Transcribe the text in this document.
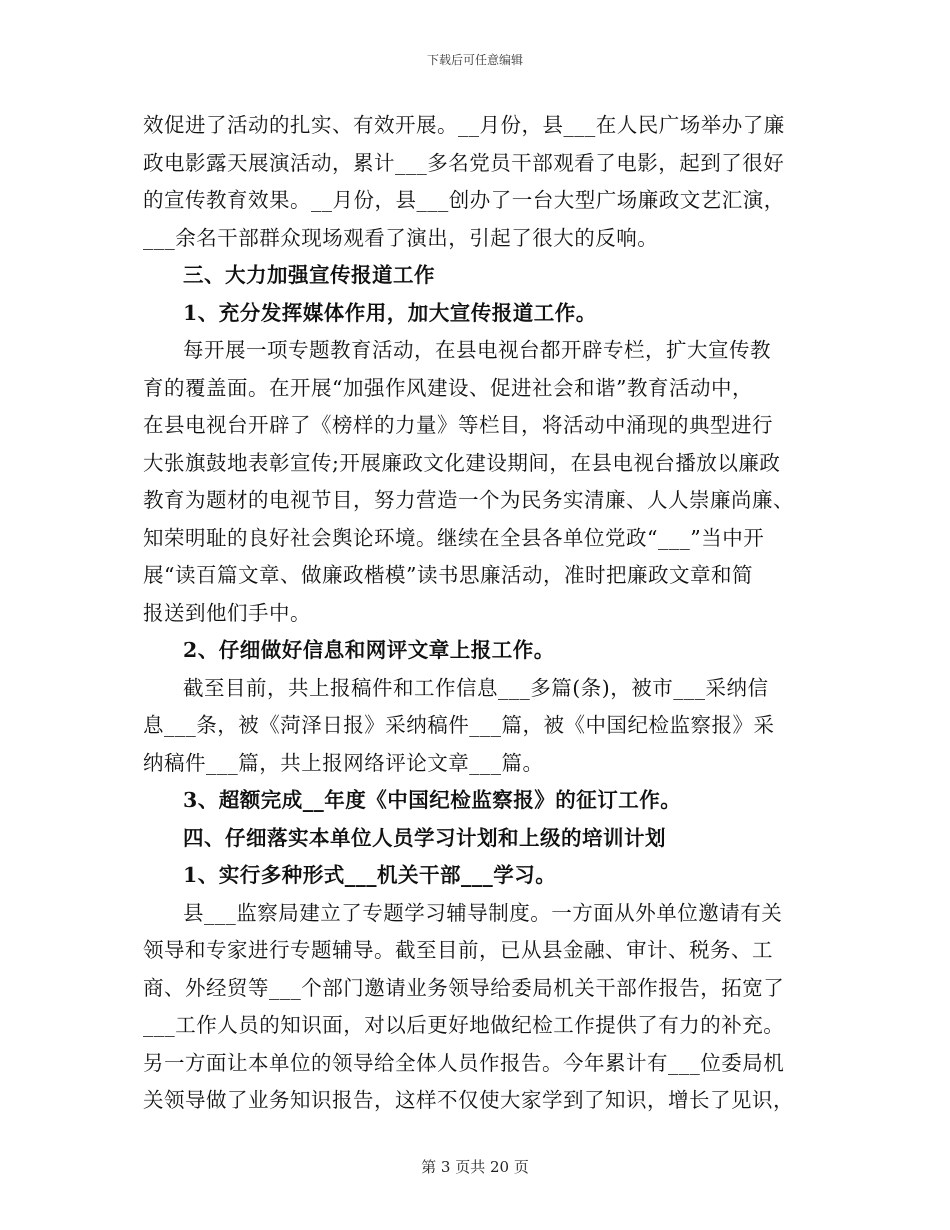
下载后可任意编辑
效促进了活动的扎实、有效开展。__月份，县___在人民广场举办了廉
政电影露天展演活动，累计___多名党员干部观看了电影，起到了很好
的宣传教育效果。__月份，县___创办了一台大型广场廉政文艺汇演，
___余名干部群众现场观看了演出，引起了很大的反响。
三、大力加强宣传报道工作
1、充分发挥媒体作用，加大宣传报道工作。
每开展一项专题教育活动，在县电视台都开辟专栏，扩大宣传教
育的覆盖面。在开展“加强作风建设、促进社会和谐”教育活动中，
在县电视台开辟了《榜样的力量》等栏目，将活动中涌现的典型进行
大张旗鼓地表彰宣传;开展廉政文化建设期间，在县电视台播放以廉政
教育为题材的电视节目，努力营造一个为民务实清廉、人人崇廉尚廉、
知荣明耻的良好社会舆论环境。继续在全县各单位党政“___”当中开
展“读百篇文章、做廉政楷模”读书思廉活动，准时把廉政文章和简
报送到他们手中。
2、仔细做好信息和网评文章上报工作。
截至目前，共上报稿件和工作信息___多篇(条)，被市___采纳信
息___条，被《菏泽日报》采纳稿件___篇，被《中国纪检监察报》采
纳稿件___篇，共上报网络评论文章___篇。
3、超额完成__年度《中国纪检监察报》的征订工作。
四、仔细落实本单位人员学习计划和上级的培训计划
1、实行多种形式___机关干部___学习。
县___监察局建立了专题学习辅导制度。一方面从外单位邀请有关
领导和专家进行专题辅导。截至目前，已从县金融、审计、税务、工
商、外经贸等___个部门邀请业务领导给委局机关干部作报告，拓宽了
___工作人员的知识面，对以后更好地做纪检工作提供了有力的补充。
另一方面让本单位的领导给全体人员作报告。今年累计有___位委局机
关领导做了业务知识报告，这样不仅使大家学到了知识，增长了见识，
第 3 页共 20 页
